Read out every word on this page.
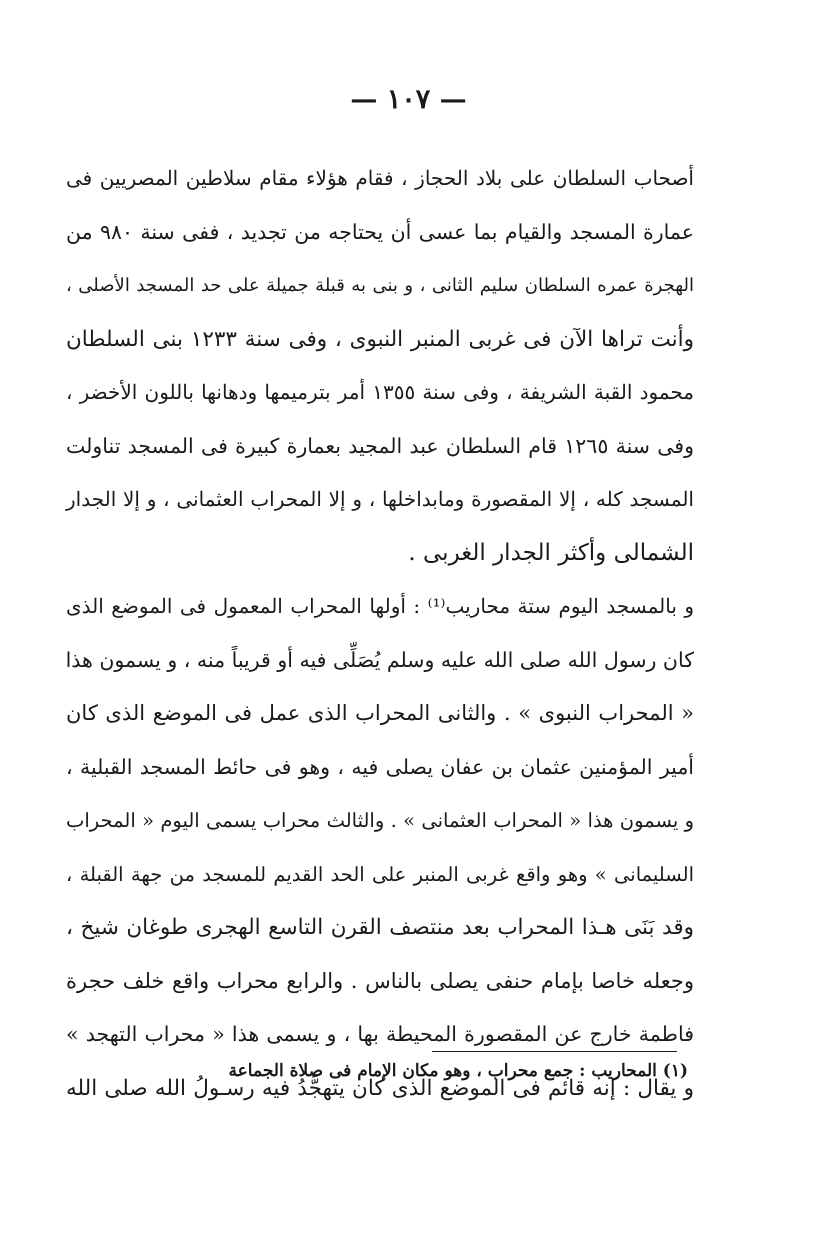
— ١٠٧ —
أصحاب السلطان على بلاد الحجاز ، فقام هؤلاء مقام سلاطين المصريين فى
عمارة المسجد والقيام بما عسى أن يحتاجه من تجديد ، ففى سنة ٩٨٠ من
الهجرة عمره السلطان سليم الثانى ، و بنى به قبلة جميلة على حد المسجد الأصلى ،
وأنت تراها الآن فى غربى المنبر النبوى ، وفى سنة ١٢٣٣ بنى السلطان
محمود القبة الشريفة ، وفى سنة ١٣٥٥ أمر بترميمها ودهانها باللون الأخضر ،
وفى سنة ١٢٦٥ قام السلطان عبد المجيد بعمارة كبيرة فى المسجد تناولت
المسجد كله ، إلا المقصورة ومابداخلها ، و إلا المحراب العثمانى ، و إلا الجدار
الشمالى وأكثر الجدار الغربى .
و بالمسجد اليوم ستة محاريب⁽¹⁾ : أولها المحراب المعمول فى الموضع الذى
كان رسول الله صلى الله عليه وسلم يُصَلِّى فيه أو قريباً منه ، و يسمون هذا
« المحراب النبوى » . والثانى المحراب الذى عمل فى الموضع الذى كان
أمير المؤمنين عثمان بن عفان يصلى فيه ، وهو فى حائط المسجد القبلية ،
و يسمون هذا « المحراب العثمانى » . والثالث محراب يسمى اليوم « المحراب
السليمانى » وهو واقع غربى المنبر على الحد القديم للمسجد من جهة القبلة ،
وقد بَنَى هـذا المحراب بعد منتصف القرن التاسع الهجرى طوغان شيخ ،
وجعله خاصا بإمام حنفى يصلى بالناس . والرابع محراب واقع خلف حجرة
فاطمة خارج عن المقصورة المحيطة بها ، و يسمى هذا « محراب التهجد »
و يقال : إنه قائم فى الموضع الذى كان يتهجَّدُ فيه رسـولُ الله صلى الله
(١) المحاريب : جمع محراب ، وهو مكان الإمام فى صلاة الجماعة
